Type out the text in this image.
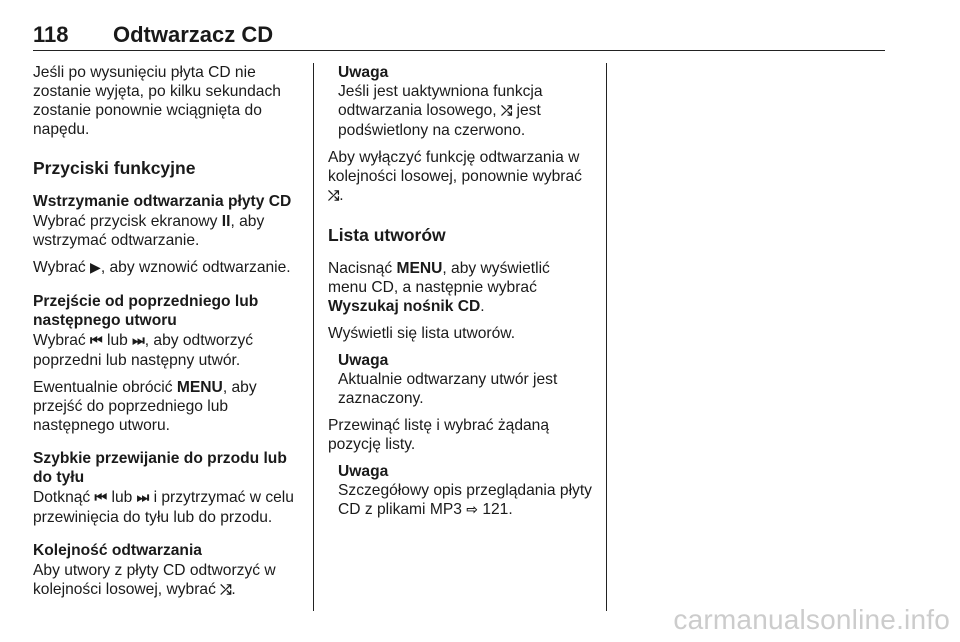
118 Odtwarzacz CD

Jeśli po wysunięciu płyta CD nie zostanie wyjęta, po kilku sekundach zostanie ponownie wciągnięta do napędu.

Przyciski funkcyjne
Wstrzymanie odtwarzania płyty CD

Wybrać przycisk ekranowy II, aby wstrzymać odtwarzanie.

Wybrać ▶, aby wznowić odtwarzanie.

Przejście od poprzedniego lub następnego utworu

Wybrać ⏮ lub ⏭, aby odtworzyć poprzedni lub następny utwór.

Ewentualnie obrócić MENU, aby przejść do poprzedniego lub następnego utworu.

Szybkie przewijanie do przodu lub do tyłu

Dotknąć ⏮ lub ⏭ i przytrzymać w celu przewinięcia do tyłu lub do przodu.

Kolejność odtwarzania

Aby utwory z płyty CD odtworzyć w kolejności losowej, wybrać ⤮.

Uwaga
Jeśli jest uaktywniona funkcja odtwarzania losowego, ⤮ jest podświetlony na czerwono.

Aby wyłączyć funkcję odtwarzania w kolejności losowej, ponownie wybrać ⤮.

Lista utworów

Nacisnąć MENU, aby wyświetlić menu CD, a następnie wybrać Wyszukaj nośnik CD.

Wyświetli się lista utworów.

Uwaga
Aktualnie odtwarzany utwór jest zaznaczony.

Przewinąć listę i wybrać żądaną pozycję listy.

Uwaga
Szczegółowy opis przeglądania płyty CD z plikami MP3 ⇨ 121.
carmanualsonline.info
